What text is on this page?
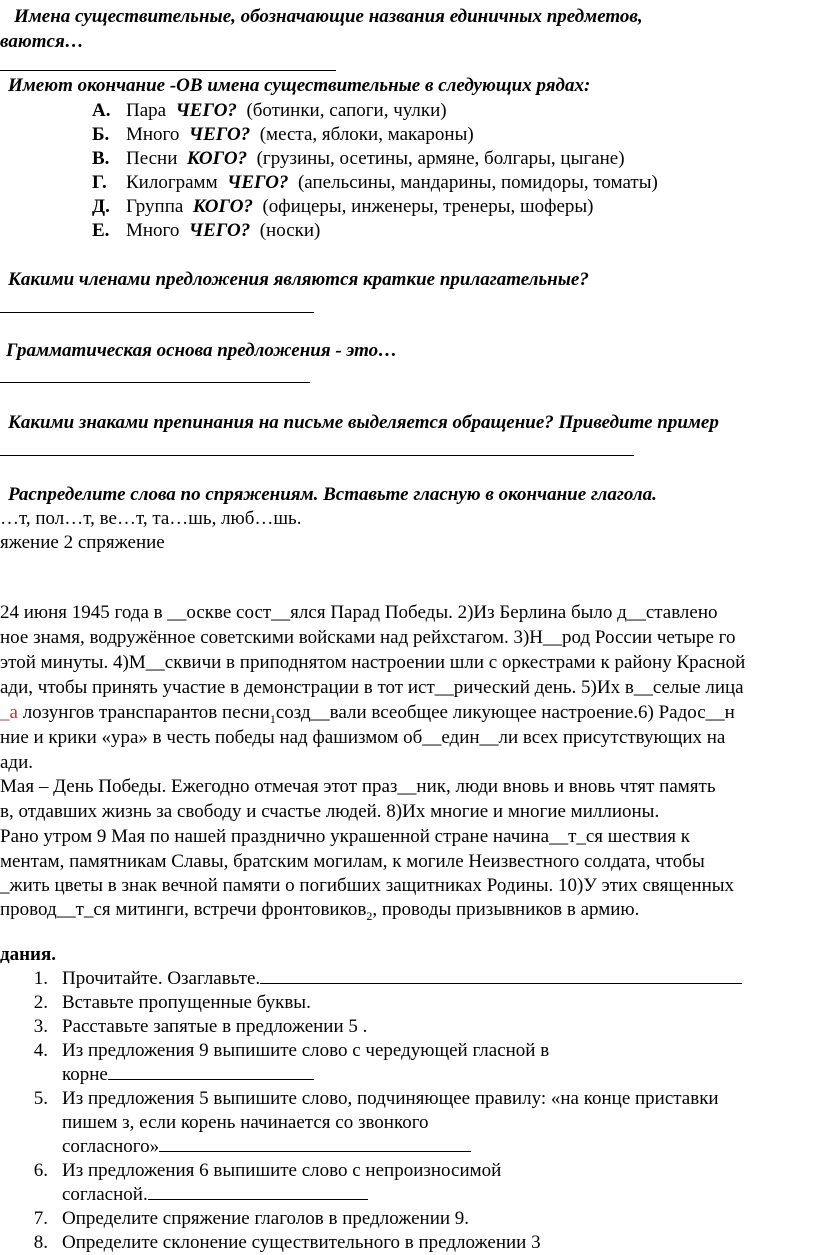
Имена существительные, обозначающие названия единичных предметов,
ваются…
Имеют окончание -ОВ имена существительные в следующих рядах:
А. Пара ЧЕГО? (ботинки, сапоги, чулки)
Б. Много ЧЕГО? (места, яблоки, макароны)
В. Песни КОГО? (грузины, осетины, армяне, болгары, цыгане)
Г. Килограмм ЧЕГО? (апельсины, мандарины, помидоры, томаты)
Д. Группа КОГО? (офицеры, инженеры, тренеры, шоферы)
Е. Много ЧЕГО? (носки)
Какими членами предложения являются краткие прилагательные?
Грамматическая основа предложения - это…
Какими знаками препинания на письме выделяется обращение? Приведите пример
Распределите слова по спряжениям. Вставьте гласную в окончание глагола.
…т, пол…т, ве…т, та…шь, люб…шь.
яжение 2 спряжение
24 июня 1945 года в __оскве сост__ялся Парад Победы. 2)Из Берлина было д__ставлено
ное знамя, водружённое советскими войсками над рейхстагом. 3)Н__род России четыре го
этой минуты. 4)М__сквичи в приподнятом настроении шли с оркестрами к району Красной
ади, чтобы принять участие в демонстрации в тот ист__рический день. 5)Их в__селые лица
_а лозунгов транспарантов песни$_1$созд__вали всеобщее ликующее настроение.6) Радос__н
ние и крики «ура» в честь победы над фашизмом об__един__ли всех присутствующих на
ади.
Мая – День Победы. Ежегодно отмечая этот праз__ник, люди вновь и вновь чтят память
в, отдавших жизнь за свободу и счастье людей. 8)Их многие и многие миллионы.
Рано утром 9 Мая по нашей празднично украшенной стране начина__т_ся шествия к
ментам, памятникам Славы, братским могилам, к могиле Неизвестного солдата, чтобы
_жить цветы в знак вечной памяти о погибших защитниках Родины. 10)У этих священных
провод__т_ся митинги, встречи фронтовиков$_2$, проводы призывников в армию.
дания.
1. Прочитайте. Озаглавьте.
2. Вставьте пропущенные буквы.
3. Расставьте запятые в предложении 5 .
4. Из предложения 9 выпишите слово с чередующей гласной в
корне
5. Из предложения 5 выпишите слово, подчиняющее правилу: «на конце приставки
пишем з, если корень начинается со звонкого
согласного»
6. Из предложения 6 выпишите слово с непроизносимой
согласной.
7. Определите спряжение глаголов в предложении 9.
8. Определите склонение существительного в предложении 3
